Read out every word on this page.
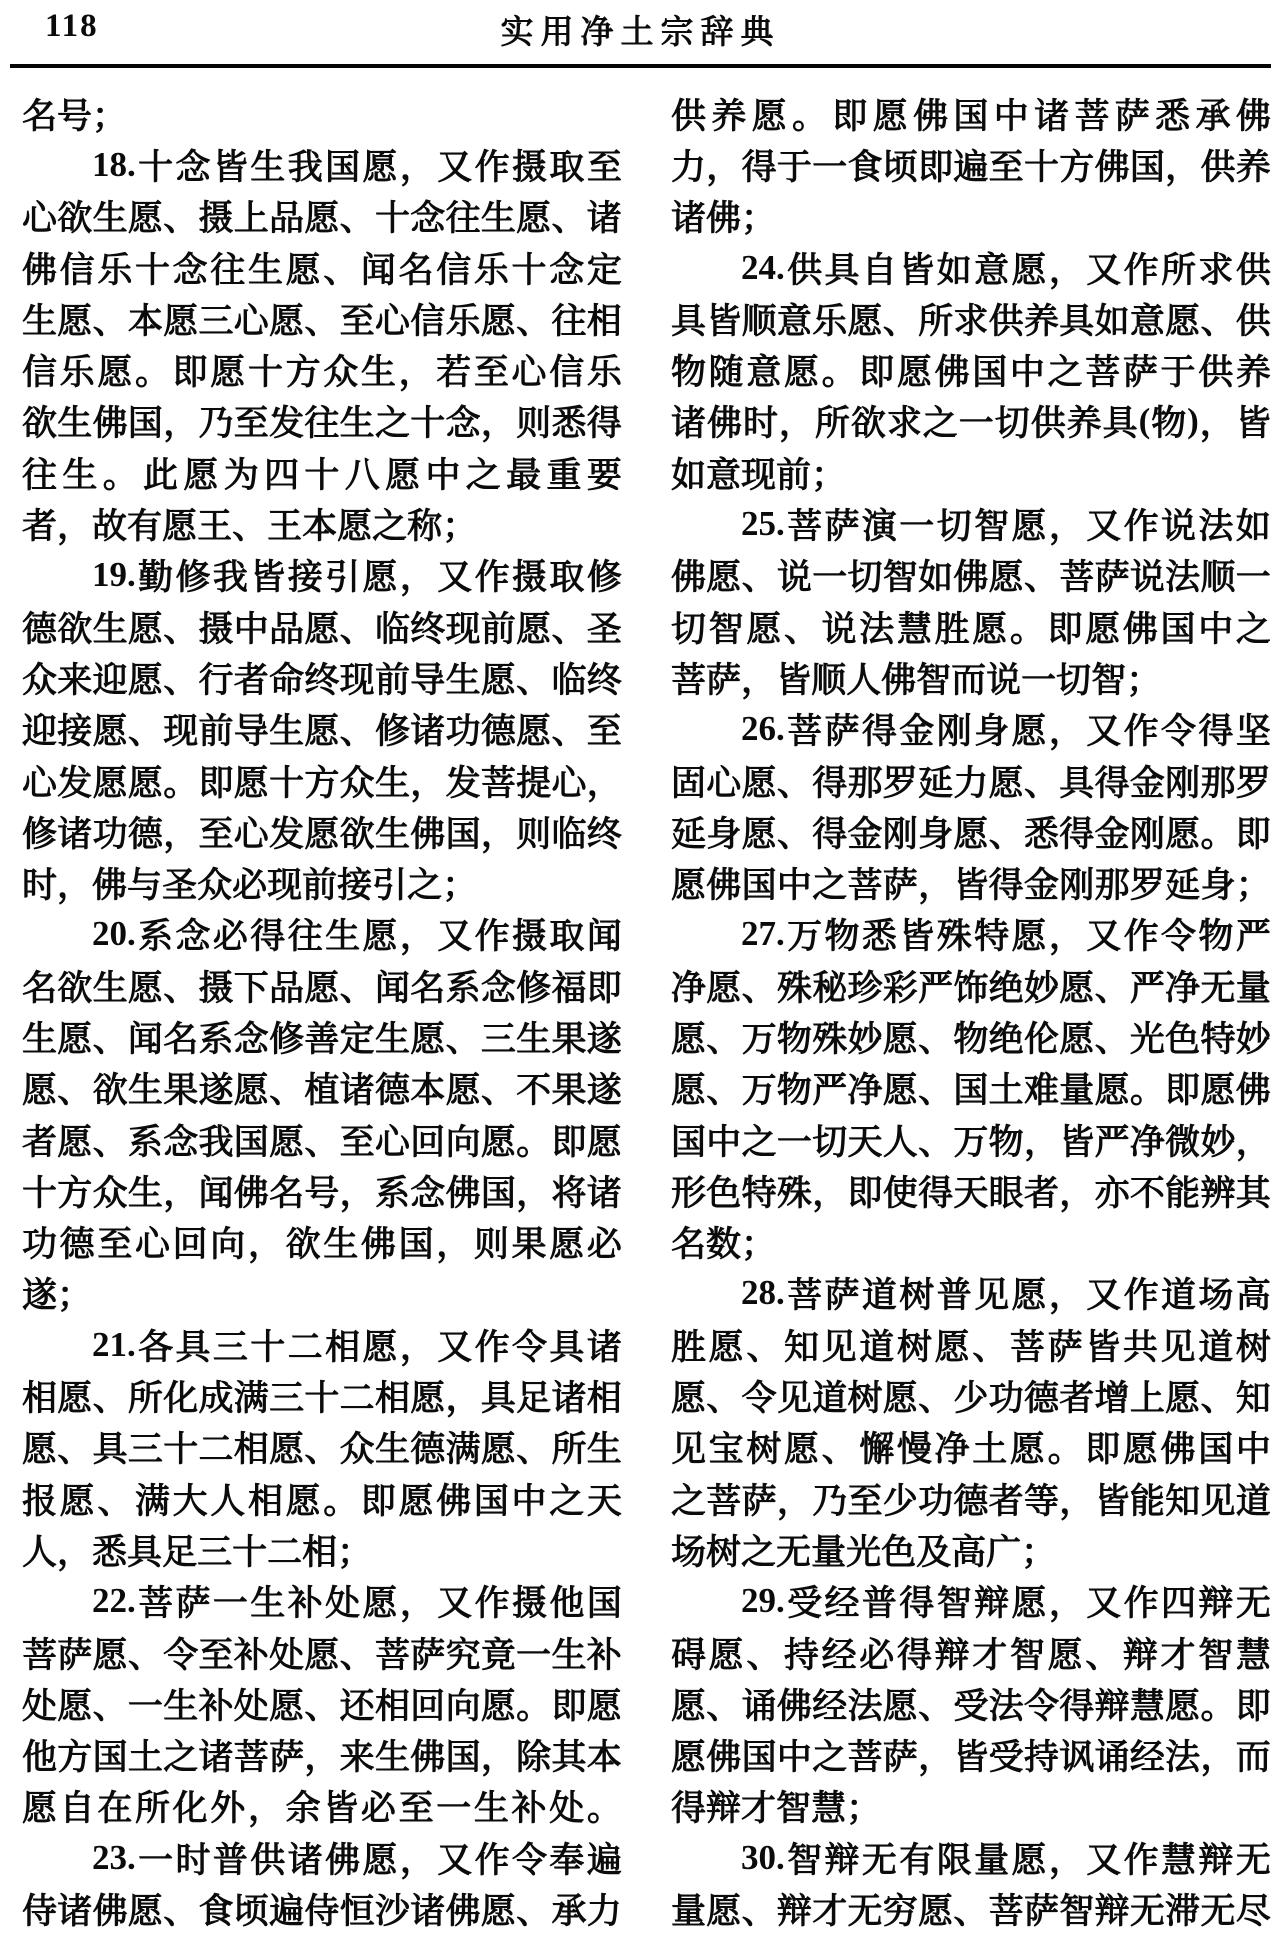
118	实用净土宗辞典
名 号 ；
18. 十 念 皆 生 我 国 愿 ， 又 作 摄 取 至
心 欲 生 愿 、 摄 上 品 愿 、 十 念 往 生 愿 、 诸
佛 信 乐 十 念 往 生 愿 、 闻 名 信 乐 十 念 定
生 愿 、 本 愿 三 心 愿 、 至 心 信 乐 愿 、 往 相
信 乐 愿 。 即 愿 十 方 众 生 ， 若 至 心 信 乐
欲 生 佛 国 ， 乃 至 发 往 生 之 十 念 ， 则 悉 得
往 生 。 此 愿 为 四 十 八 愿 中 之 最 重 要
者 ， 故 有 愿 王 、 王 本 愿 之 称 ；
19. 勤 修 我 皆 接 引 愿 ， 又 作 摄 取 修
德 欲 生 愿 、 摄 中 品 愿 、 临 终 现 前 愿 、 圣
众 来 迎 愿 、 行 者 命 终 现 前 导 生 愿 、 临 终
迎 接 愿 、 现 前 导 生 愿 、 修 诸 功 德 愿 、 至
心 发 愿 愿 。 即 愿 十 方 众 生 ， 发 菩 提 心 ，
修 诸 功 德 ， 至 心 发 愿 欲 生 佛 国 ， 则 临 终
时 ， 佛 与 圣 众 必 现 前 接 引 之 ；
20. 系 念 必 得 往 生 愿 ， 又 作 摄 取 闻
名 欲 生 愿 、 摄 下 品 愿 、 闻 名 系 念 修 福 即
生 愿 、 闻 名 系 念 修 善 定 生 愿 、 三 生 果 遂
愿 、 欲 生 果 遂 愿 、 植 诸 德 本 愿 、 不 果 遂
者 愿 、 系 念 我 国 愿 、 至 心 回 向 愿 。 即 愿
十 方 众 生 ， 闻 佛 名 号 ， 系 念 佛 国 ， 将 诸
功 德 至 心 回 向 ， 欲 生 佛 国 ， 则 果 愿 必
遂 ；
21. 各 具 三 十 二 相 愿 ， 又 作 令 具 诸
相 愿 、 所 化 成 满 三 十 二 相 愿 ， 具 足 诸 相
愿 、 具 三 十 二 相 愿 、 众 生 德 满 愿 、 所 生
报 愿 、 满 大 人 相 愿 。 即 愿 佛 国 中 之 天
人 ， 悉 具 足 三 十 二 相 ；
22. 菩 萨 一 生 补 处 愿 ， 又 作 摄 他 国
菩 萨 愿 、 令 至 补 处 愿 、 菩 萨 究 竟 一 生 补
处 愿 、 一 生 补 处 愿 、 还 相 回 向 愿 。 即 愿
他 方 国 土 之 诸 菩 萨 ， 来 生 佛 国 ， 除 其 本
愿 自 在 所 化 外 ， 余 皆 必 至 一 生 补 处 。
23. 一 时 普 供 诸 佛 愿 ， 又 作 令 奉 遍
侍 诸 佛 愿 、 食 顷 遍 侍 恒 沙 诸 佛 愿 、 承 力
供 养 愿 。 即 愿 佛 国 中 诸 菩 萨 悉 承 佛
力 ， 得 于 一 食 顷 即 遍 至 十 方 佛 国 ， 供 养
诸 佛 ；
24. 供 具 自 皆 如 意 愿 ， 又 作 所 求 供
具 皆 顺 意 乐 愿 、 所 求 供 养 具 如 意 愿 、 供
物 随 意 愿 。 即 愿 佛 国 中 之 菩 萨 于 供 养
诸 佛 时 ， 所 欲 求 之 一 切 供 养 具 ( 物 ) ， 皆
如 意 现 前 ；
25. 菩 萨 演 一 切 智 愿 ， 又 作 说 法 如
佛 愿 、 说 一 切 智 如 佛 愿 、 菩 萨 说 法 顺 一
切 智 愿 、 说 法 慧 胜 愿 。 即 愿 佛 国 中 之
菩 萨 ， 皆 顺 人 佛 智 而 说 一 切 智 ；
26. 菩 萨 得 金 刚 身 愿 ， 又 作 令 得 坚
固 心 愿 、 得 那 罗 延 力 愿 、 具 得 金 刚 那 罗
延 身 愿 、 得 金 刚 身 愿 、 悉 得 金 刚 愿 。 即
愿 佛 国 中 之 菩 萨 ， 皆 得 金 刚 那 罗 延 身 ；
27. 万 物 悉 皆 殊 特 愿 ， 又 作 令 物 严
净 愿 、 殊 秘 珍 彩 严 饰 绝 妙 愿 、 严 净 无 量
愿 、 万 物 殊 妙 愿 、 物 绝 伦 愿 、 光 色 特 妙
愿 、 万 物 严 净 愿 、 国 土 难 量 愿 。 即 愿 佛
国 中 之 一 切 天 人 、 万 物 ， 皆 严 净 微 妙 ，
形 色 特 殊 ， 即 使 得 天 眼 者 ， 亦 不 能 辨 其
名 数 ；
28. 菩 萨 道 树 普 见 愿 ， 又 作 道 场 高
胜 愿 、 知 见 道 树 愿 、 菩 萨 皆 共 见 道 树
愿 、 令 见 道 树 愿 、 少 功 德 者 增 上 愿 、 知
见 宝 树 愿 、 懈 慢 净 土 愿 。 即 愿 佛 国 中
之 菩 萨 ， 乃 至 少 功 德 者 等 ， 皆 能 知 见 道
场 树 之 无 量 光 色 及 高 广 ；
29. 受 经 普 得 智 辩 愿 ， 又 作 四 辩 无
碍 愿 、 持 经 必 得 辩 才 智 愿 、 辩 才 智 慧
愿 、 诵 佛 经 法 愿 、 受 法 令 得 辩 慧 愿 。 即
愿 佛 国 中 之 菩 萨 ， 皆 受 持 讽 诵 经 法 ， 而
得 辩 才 智 慧 ；
30. 智 辩 无 有 限 量 愿 ， 又 作 慧 辩 无
量 愿 、 辩 才 无 穷 愿 、 菩 萨 智 辩 无 滞 无 尽
